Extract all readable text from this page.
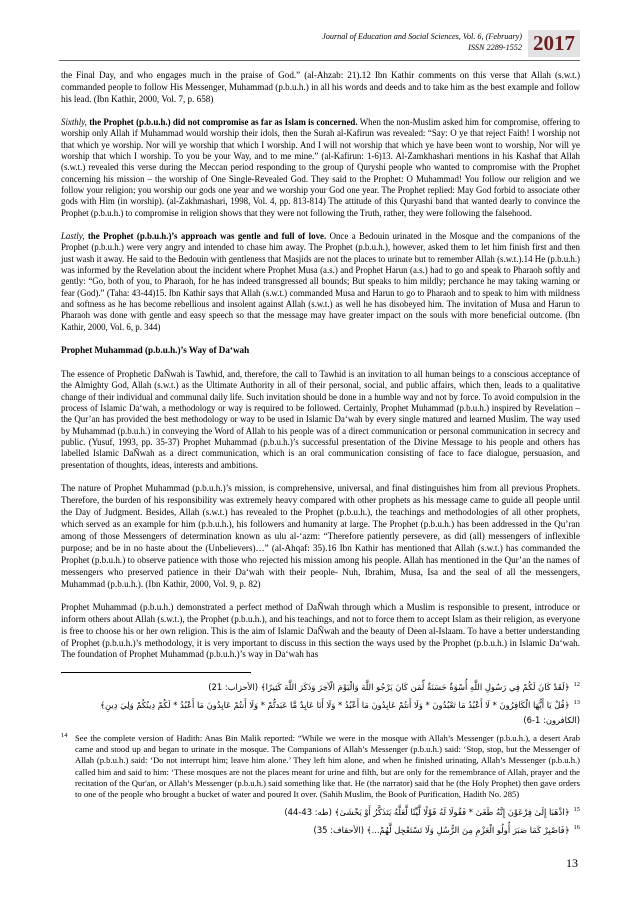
Journal of Education and Social Sciences, Vol. 6, (February)
ISSN 2289-1552 2017

the Final Day, and who engages much in the praise of God.” (al-Ahzab: 21).12 Ibn Kathir comments on this verse that Allah (s.w.t.) commanded people to follow His Messenger, Muhammad (p.b.u.h.) in all his words and deeds and to take him as the best example and follow his lead. (Ibn Kathir, 2000, Vol. 7, p. 658)

Sixthly, the Prophet (p.b.u.h.) did not compromise as far as Islam is concerned. When the non-Muslim asked him for compromise, offering to worship only Allah if Muhammad would worship their idols, then the Surah al-Kafirun was revealed: “Say: O ye that reject Faith! I worship not that which ye worship. Nor will ye worship that which I worship. And I will not worship that which ye have been wont to worship, Nor will ye worship that which I worship. To you be your Way, and to me mine.” (al-Kafirun: 1-6)13. Al-Zamkhashari mentions in his Kashaf that Allah (s.w.t.) revealed this verse during the Meccan period responding to the group of Quryshi people who wanted to compromise with the Prophet concerning his mission – the worship of One Single-Revealed God. They said to the Prophet: O Muhammad! You follow our religion and we follow your religion; you worship our gods one year and we worship your God one year. The Prophet replied: May God forbid to associate other gods with Him (in worship). (al-Zakhmashari, 1998, Vol. 4, pp. 813-814) The attitude of this Quryashi band that wanted dearly to convince the Prophet (p.b.u.h.) to compromise in religion shows that they were not following the Truth, rather, they were following the falsehood.

Lastly, the Prophet (p.b.u.h.)’s approach was gentle and full of love. Once a Bedouin urinated in the Mosque and the companions of the Prophet (p.b.u.h.) were very angry and intended to chase him away. The Prophet (p.b.u.h.), however, asked them to let him finish first and then just wash it away. He said to the Bedouin with gentleness that Masjids are not the places to urinate but to remember Allah (s.w.t.).14 He (p.b.u.h.) was informed by the Revelation about the incident where Prophet Musa (a.s.) and Prophet Harun (a.s.) had to go and speak to Pharaoh softly and gently: “Go, both of you, to Pharaoh, for he has indeed transgressed all bounds; But speaks to him mildly; perchance he may taking warning or fear (God).” (Taha: 43-44)15. Ibn Kathir says that Allah (s.w.t.) commanded Musa and Harun to go to Pharaoh and to speak to him with mildness and softness as he has become rebellious and insolent against Allah (s.w.t.) as well he has disobeyed him. The invitation of Musa and Harun to Pharaoh was done with gentle and easy speech so that the message may have greater impact on the souls with more beneficial outcome. (Ibn Kathir, 2000, Vol. 6, p. 344)

Prophet Muhammad (p.b.u.h.)’s Way of Da‘wah

The essence of Prophetic DaÑwah is Tawhid, and, therefore, the call to Tawhid is an invitation to all human beings to a conscious acceptance of the Almighty God, Allah (s.w.t.) as the Ultimate Authority in all of their personal, social, and public affairs, which then, leads to a qualitative change of their individual and communal daily life. Such invitation should be done in a humble way and not by force. To avoid compulsion in the process of Islamic Da‘wah, a methodology or way is required to be followed. Certainly, Prophet Muhammad (p.b.u.h.) inspired by Revelation – the Qur’an has provided the best methodology or way to be used in Islamic Da‘wah by every single matured and learned Muslim. The way used by Muhammad (p.b.u.h.) in conveying the Word of Allah to his people was of a direct communication or personal communication in secrecy and public. (Yusuf, 1993, pp. 35-37) Prophet Muhammad (p.b.u.h.)’s successful presentation of the Divine Message to his people and others has labelled Islamic DaÑwah as a direct communication, which is an oral communication consisting of face to face dialogue, persuasion, and presentation of thoughts, ideas, interests and ambitions.

The nature of Prophet Muhammad (p.b.u.h.)’s mission, is comprehensive, universal, and final distinguishes him from all previous Prophets. Therefore, the burden of his responsibility was extremely heavy compared with other prophets as his message came to guide all people until the Day of Judgment. Besides, Allah (s.w.t.) has revealed to the Prophet (p.b.u.h.), the teachings and methodologies of all other prophets, which served as an example for him (p.b.u.h.), his followers and humanity at large. The Prophet (p.b.u.h.) has been addressed in the Qu’ran among of those Messengers of determination known as ulu al-‘azm: “Therefore patiently persevere, as did (all) messengers of inflexible purpose; and be in no haste about the (Unbelievers)…” (al-Ahqaf: 35).16 Ibn Kathir has mentioned that Allah (s.w.t.) has commanded the Prophet (p.b.u.h.) to observe patience with those who rejected his mission among his people. Allah has mentioned in the Qur’an the names of messengers who preserved patience in their Da‘wah with their people- Nuh, Ibrahim, Musa, Isa and the seal of all the messengers, Muhammad (p.b.u.h.). (Ibn Kathir, 2000, Vol. 9, p. 82)

Prophet Muhammad (p.b.u.h.) demonstrated a perfect method of DaÑwah through which a Muslim is responsible to present, introduce or inform others about Allah (s.w.t.), the Prophet (p.b.u.h.), and his teachings, and not to force them to accept Islam as their religion, as everyone is free to choose his or her own religion. This is the aim of Islamic DaÑwah and the beauty of Deen al-Islaam. To have a better understanding of Prophet (p.b.u.h.)’s methodology, it is very important to discuss in this section the ways used by the Prophet (p.b.u.h.) in Islamic Da‘wah. The foundation of Prophet Muhammad (p.b.u.h.)’s way in Da‘wah has

$^{12}$﴿لَقَدْ كَانَ لَكُمْ فِي رَسُولِ اللَّهِ أُسْوَةٌ حَسَنَةٌ لِّمَن كَانَ يَرْجُو اللَّهَ وَالْيَوْمَ الْآخِرَ وَذَكَرَ اللَّهَ كَثِيرًا﴾ (الأحزاب: 21)
$^{13}$﴿قُلْ يَا أَيُّهَا الْكَافِرُونَ * لَا أَعْبُدُ مَا تَعْبُدُونَ * وَلَا أَنتُمْ عَابِدُونَ مَا أَعْبُدُ * وَلَا أَنَا عَابِدٌ مَّا عَبَدتُّمْ * وَلَا أَنتُمْ عَابِدُونَ مَا أَعْبُدُ * لَكُمْ دِينُكُمْ وَلِيَ دِينِ﴾ (الكافرون: 1-6)
14 See the complete version of Hadith: Anas Bin Malik reported: “While we were in the mosque with Allah’s Messenger (p.b.u.h.), a desert Arab came and stood up and began to urinate in the mosque. The Companions of Allah’s Messenger (p.b.u.h.) said: ‘Stop, stop, but the Messenger of Allah (p.b.u.h.) said: ‘Do not interrupt him; leave him alone.’ They left him alone, and when he finished urinating, Allah’s Messenger (p.b.u.h.) called him and said to him: ‘These mosques are not the places meant for urine and filth, but are only for the remembrance of Allah, prayer and the recitation of the Qur'an, or Allah’s Messenger (p.b.u.h.) said something like that. He (the narrator) said that he (the Holy Prophet) then gave orders to one of the people who brought a bucket of water and poured It over. (Sahih Muslim, the Book of Purification, Hadith No. 285)
$^{15}$﴿اذْهَبَا إِلَىٰ فِرْعَوْنَ إِنَّهُ طَغَىٰ * فَقُولَا لَهُ قَوْلًا لَّيِّنًا لَّعَلَّهُ يَتَذَكَّرُ أَوْ يَخْشَىٰ﴾ (طه: 43-44)
$^{16}$﴿فَاصْبِرْ كَمَا صَبَرَ أُولُو الْعَزْمِ مِنَ الرُّسُلِ وَلَا تَسْتَعْجِل لَّهُمْ...﴾ (الأحقاف: 35)
13
